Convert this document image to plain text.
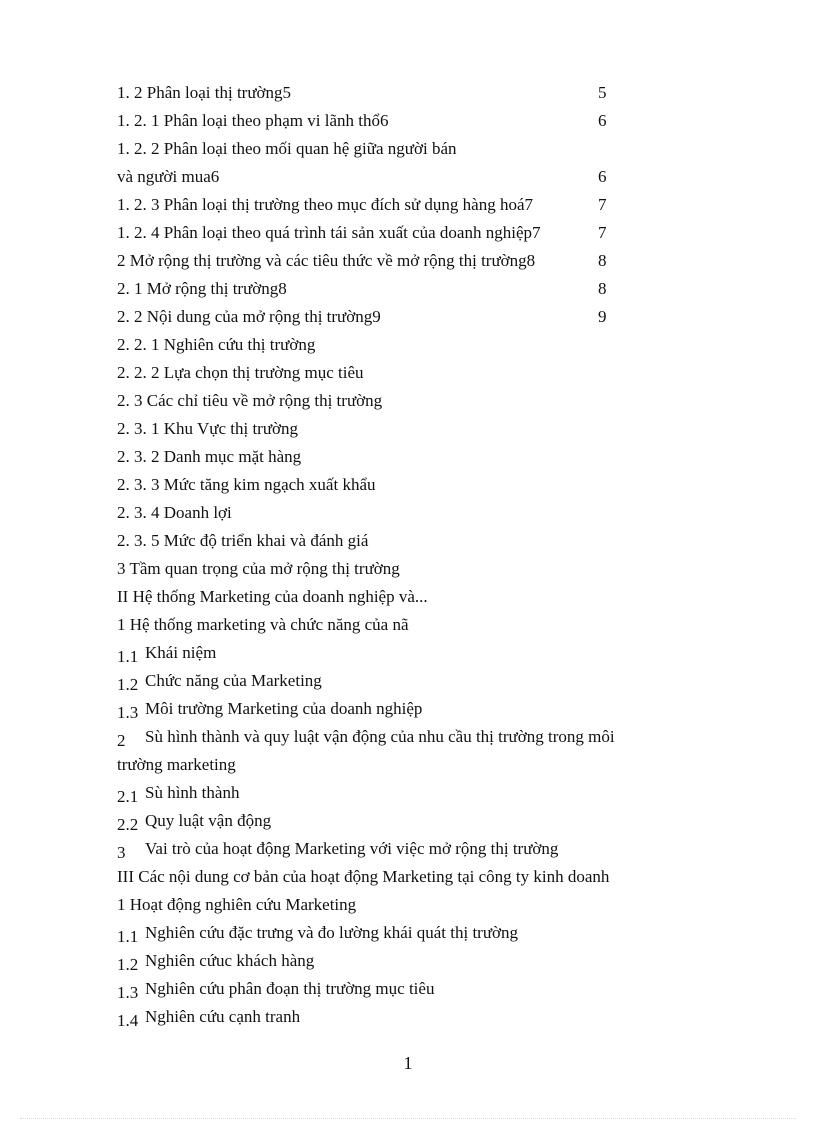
1. 2 Phân loại thị trường5	5
1. 2. 1 Phân loại theo phạm vi lãnh thổ6	6
1. 2. 2 Phân loại theo mối quan hệ giữa người bán
và người mua6	6
1. 2. 3 Phân loại thị trường theo mục đích sử dụng hàng hoá7	7
1. 2. 4 Phân loại theo quá trình tái sản xuất của doanh nghiệp7	7
2 Mở rộng thị trường và các tiêu thức về mở rộng thị trường8	8
2. 1 Mở rộng thị trường8	8
2. 2 Nội dung của mở rộng thị trường9	9
2. 2. 1 Nghiên cứu thị trường
2. 2. 2 Lựa chọn thị trường mục tiêu
2. 3 Các chỉ tiêu về mở rộng thị trường
2. 3. 1 Khu Vực thị trường
2. 3. 2 Danh mục mặt hàng
2. 3. 3 Mức tăng kim ngạch xuất khẩu
2. 3. 4 Doanh lợi
2. 3. 5 Mức độ triển khai và đánh giá
3 Tầm quan trọng của mở rộng thị trường
II Hệ thống Marketing của doanh nghiệp và...
1 Hệ thống marketing và chức năng của nã
1.1 Khái niệm
1.2 Chức năng của Marketing
1.3 Môi trường Marketing của doanh nghiệp
2 Sù hình thành và quy luật vận động của nhu cầu thị trường trong môi
trường marketing
2.1 Sù hình thành
2.2 Quy luật vận động
3 Vai trò của hoạt động Marketing với việc mở rộng thị trường
III Các nội dung cơ bản của hoạt động Marketing tại công ty kinh doanh
1 Hoạt động nghiên cứu Marketing
1.1 Nghiên cứu đặc trưng và đo lường khái quát thị trường
1.2 Nghiên cứuc khách hàng
1.3 Nghiên cứu phân đoạn thị trường mục tiêu
1.4 Nghiên cứu cạnh tranh
1
